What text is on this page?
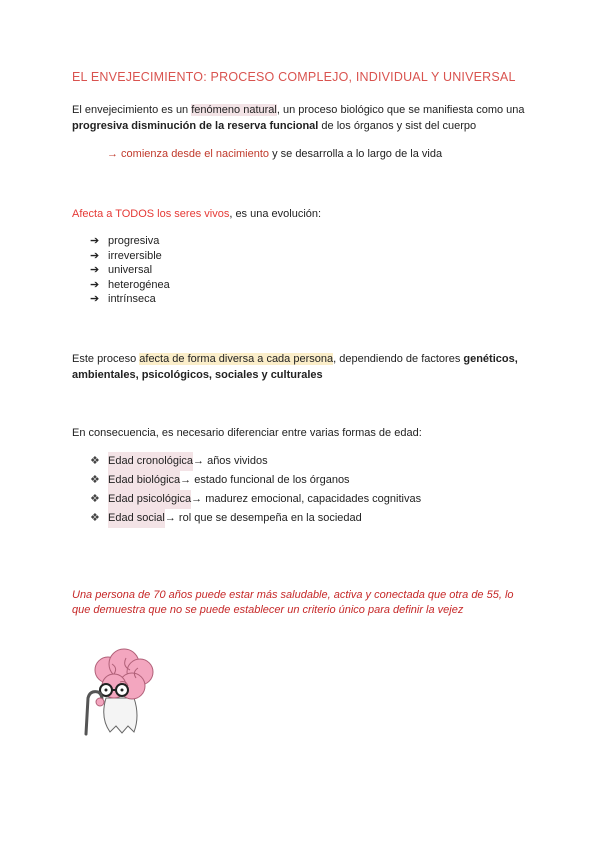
EL ENVEJECIMIENTO: PROCESO COMPLEJO, INDIVIDUAL Y UNIVERSAL
El envejecimiento es un fenómeno natural, un proceso biológico que se manifiesta como una progresiva disminución de la reserva funcional de los órganos y sist del cuerpo
→ comienza desde el nacimiento y se desarrolla a lo largo de la vida
Afecta a TODOS los seres vivos, es una evolución:
➔ progresiva
➔ irreversible
➔ universal
➔ heterogénea
➔ intrínseca
Este proceso afecta de forma diversa a cada persona, dependiendo de factores genéticos, ambientales, psicológicos, sociales y culturales
En consecuencia, es necesario diferenciar entre varias formas de edad:
❖ Edad cronológica → años vividos
❖ Edad biológica → estado funcional de los órganos
❖ Edad psicológica → madurez emocional, capacidades cognitivas
❖ Edad social → rol que se desempeña en la sociedad
Una persona de 70 años puede estar más saludable, activa y conectada que otra de 55, lo que demuestra que no se puede establecer un criterio único para definir la vejez
